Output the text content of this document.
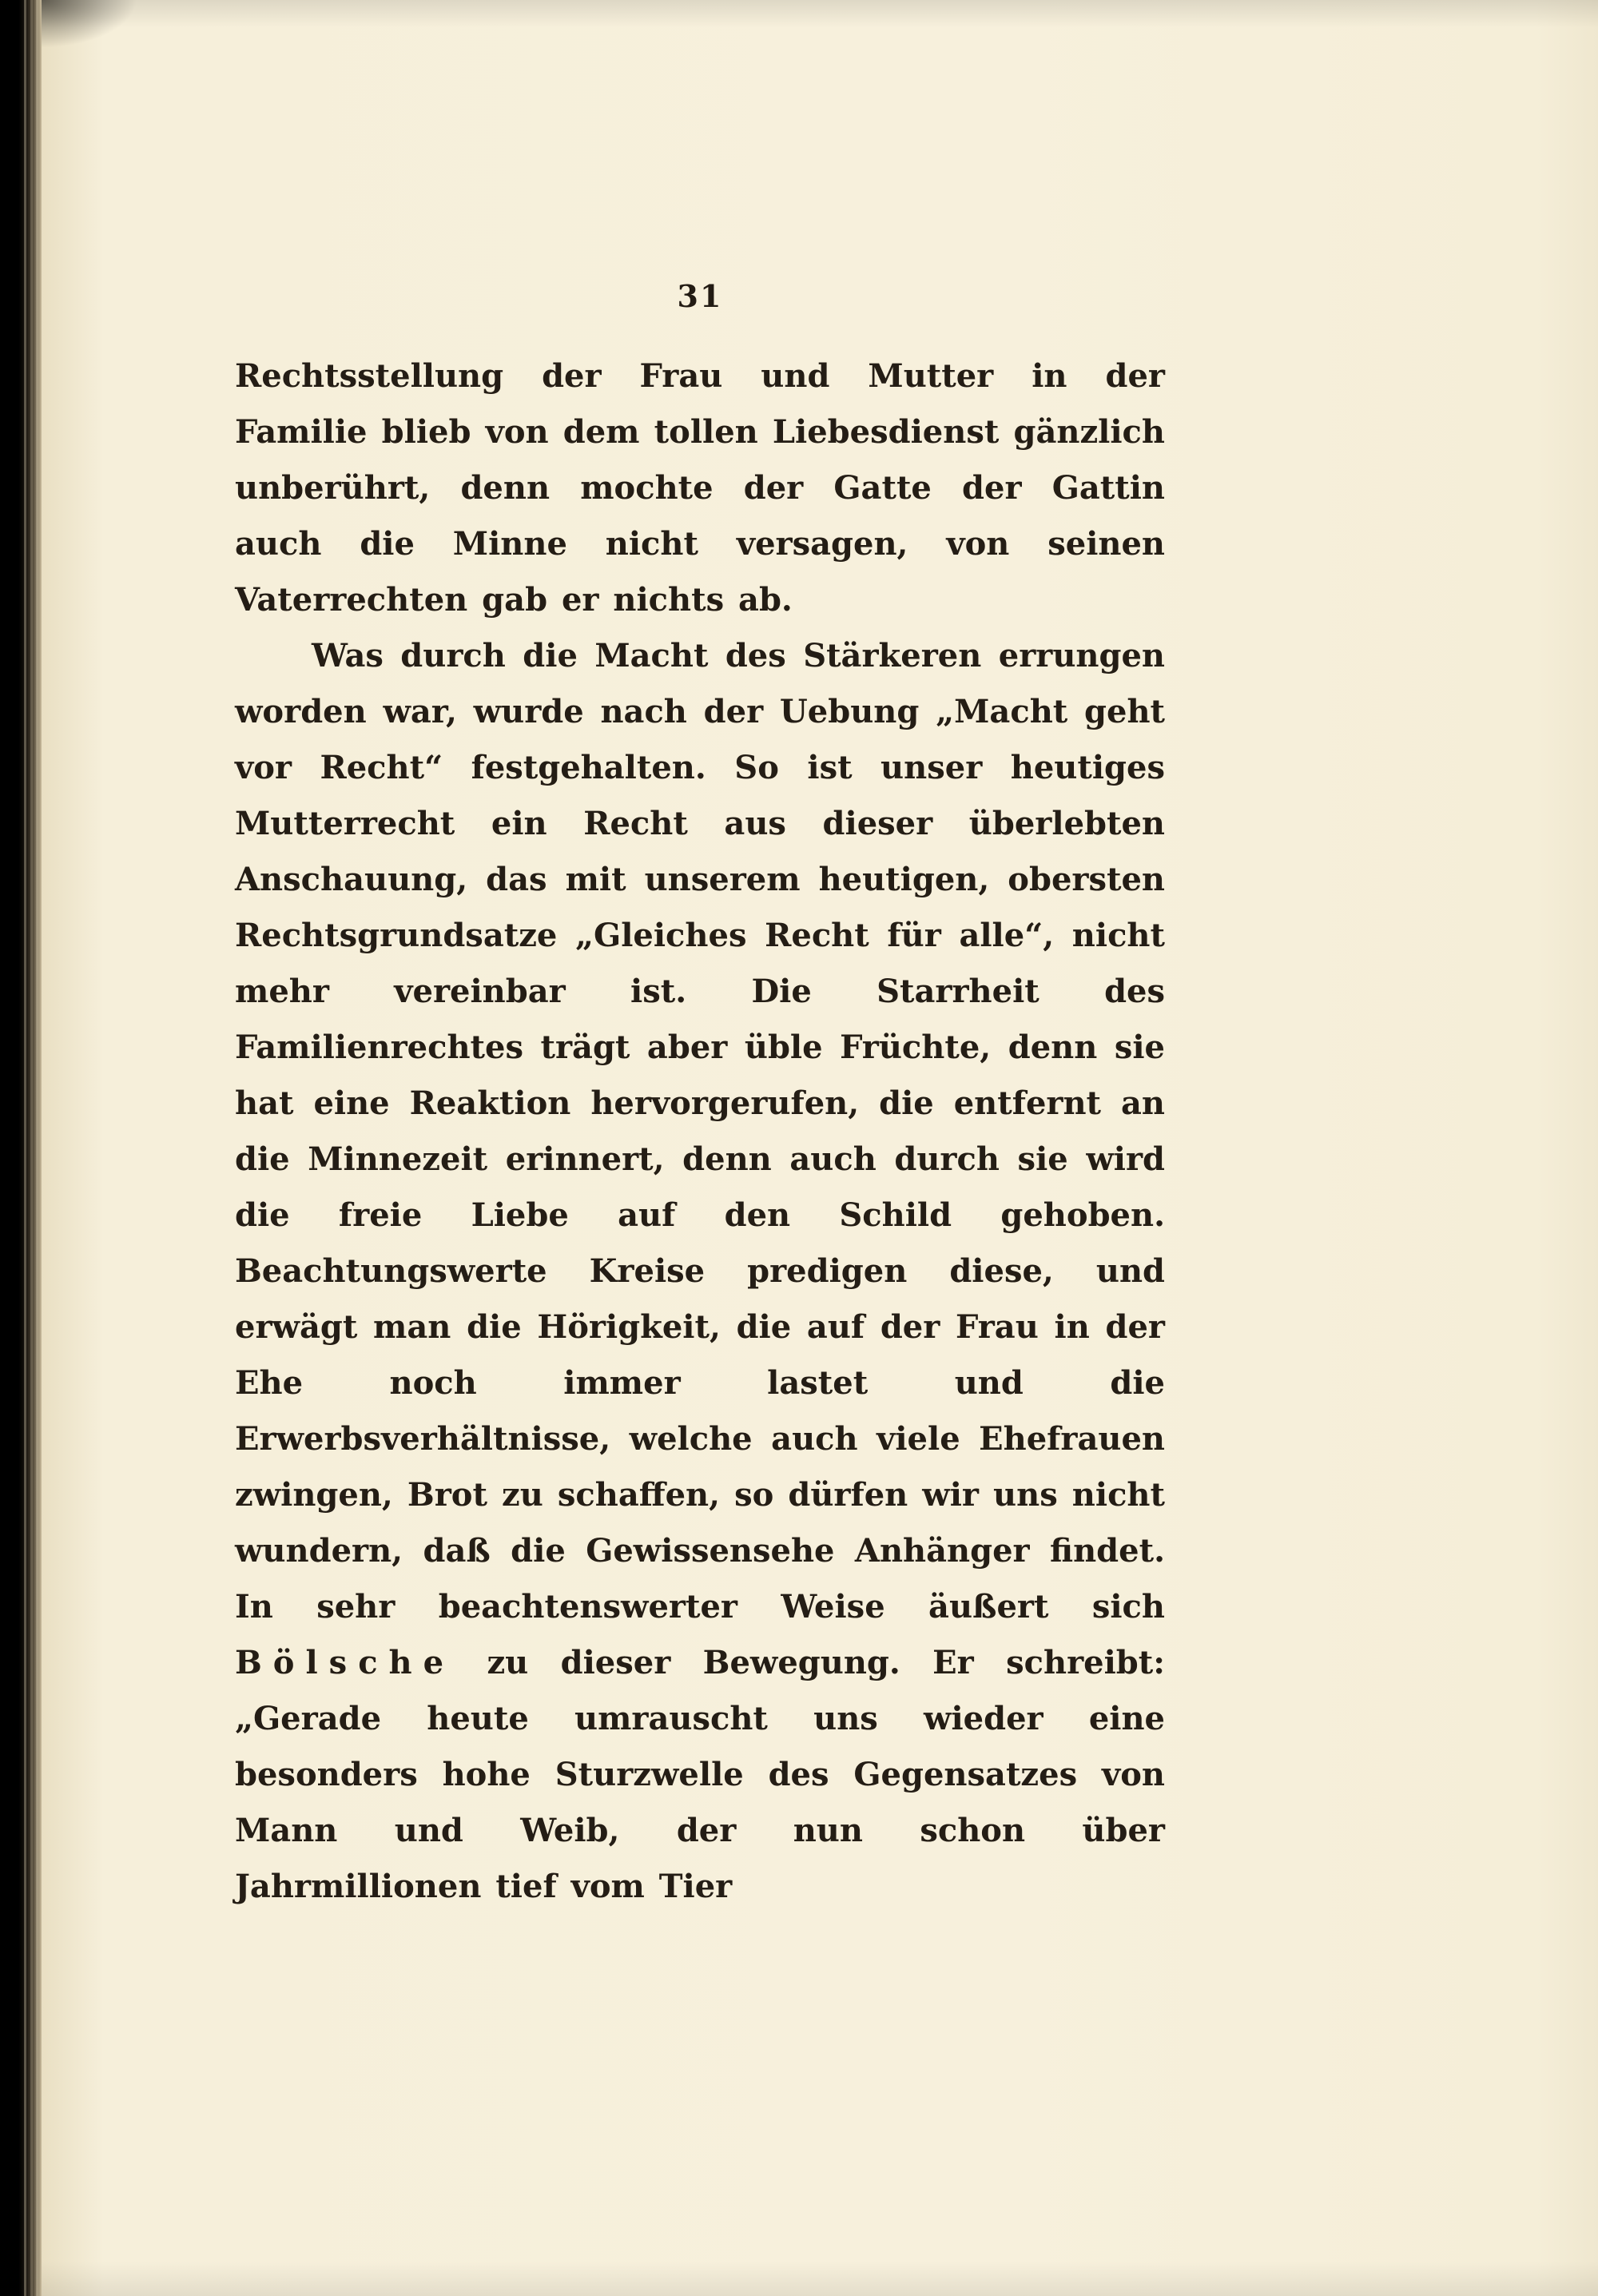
31

Rechtsstellung der Frau und Mutter in der Familie blieb von dem tollen Liebesdienst gänzlich unberührt, denn mochte der Gatte der Gattin auch die Minne nicht versagen, von seinen Vaterrechten gab er nichts ab.

Was durch die Macht des Stärkeren errungen worden war, wurde nach der Uebung „Macht geht vor Recht“ festgehalten. So ist unser heutiges Mutterrecht ein Recht aus dieser überlebten Anschauung, das mit unserem heutigen, obersten Rechtsgrundsatze „Gleiches Recht für alle“, nicht mehr vereinbar ist. Die Starrheit des Familienrechtes trägt aber üble Früchte, denn sie hat eine Reaktion hervorgerufen, die entfernt an die Minnezeit erinnert, denn auch durch sie wird die freie Liebe auf den Schild gehoben. Beachtungswerte Kreise predigen diese, und erwägt man die Hörigkeit, die auf der Frau in der Ehe noch immer lastet und die Erwerbsverhältnisse, welche auch viele Ehefrauen zwingen, Brot zu schaffen, so dürfen wir uns nicht wundern, daß die Gewissensehe Anhänger findet. In sehr beachtenswerter Weise äußert sich Bölsche zu dieser Bewegung. Er schreibt: „Gerade heute umrauscht uns wieder eine besonders hohe Sturzwelle des Gegensatzes von Mann und Weib, der nun schon über Jahrmillionen tief vom Tier
